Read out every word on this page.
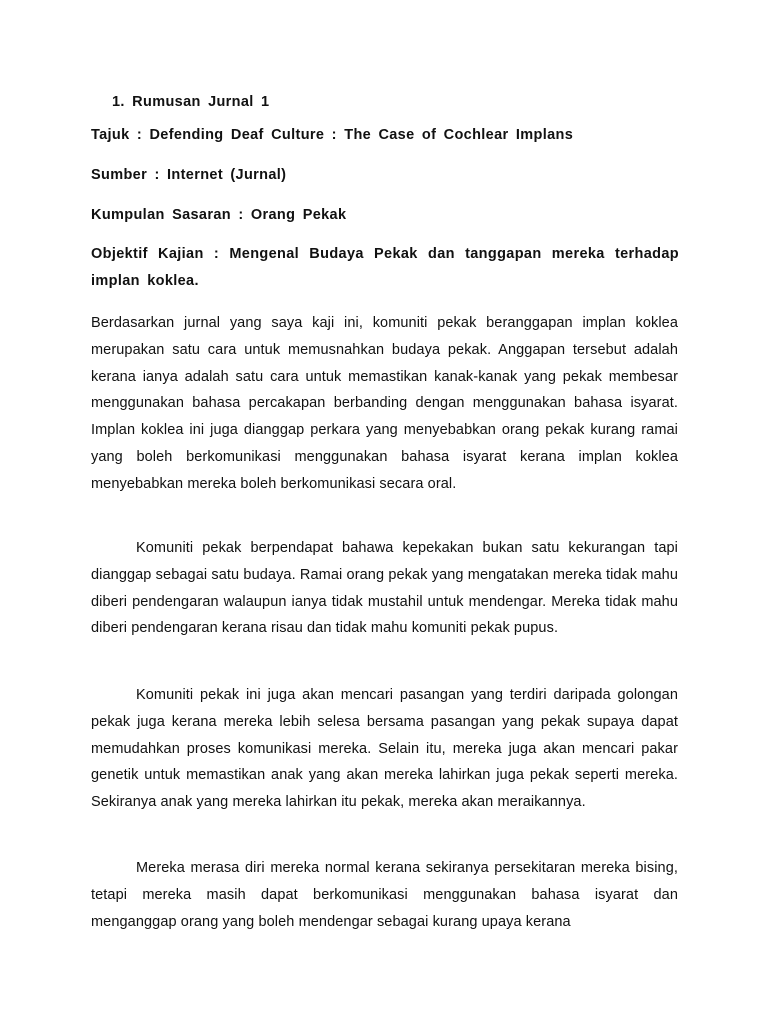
1. Rumusan Jurnal 1
Tajuk : Defending Deaf Culture : The Case of Cochlear Implans
Sumber : Internet (Jurnal)
Kumpulan Sasaran : Orang Pekak
Objektif Kajian : Mengenal Budaya Pekak dan tanggapan mereka terhadap implan koklea.

Berdasarkan jurnal yang saya kaji ini, komuniti pekak beranggapan implan koklea merupakan satu cara untuk memusnahkan budaya pekak. Anggapan tersebut adalah kerana ianya adalah satu cara untuk memastikan kanak-kanak yang pekak membesar menggunakan bahasa percakapan berbanding dengan menggunakan bahasa isyarat. Implan koklea ini juga dianggap perkara yang menyebabkan orang pekak kurang ramai yang boleh berkomunikasi menggunakan bahasa isyarat kerana implan koklea menyebabkan mereka boleh berkomunikasi secara oral.

Komuniti pekak berpendapat bahawa kepekakan bukan satu kekurangan tapi dianggap sebagai satu budaya. Ramai orang pekak yang mengatakan mereka tidak mahu diberi pendengaran walaupun ianya tidak mustahil untuk mendengar. Mereka tidak mahu diberi pendengaran kerana risau dan tidak mahu komuniti pekak pupus.

Komuniti pekak ini juga akan mencari pasangan yang terdiri daripada golongan pekak juga kerana mereka lebih selesa bersama pasangan yang pekak supaya dapat memudahkan proses komunikasi mereka. Selain itu, mereka juga akan mencari pakar genetik untuk memastikan anak yang akan mereka lahirkan juga pekak seperti mereka. Sekiranya anak yang mereka lahirkan itu pekak, mereka akan meraikannya.

Mereka merasa diri mereka normal kerana sekiranya persekitaran mereka bising, tetapi mereka masih dapat berkomunikasi menggunakan bahasa isyarat dan menganggap orang yang boleh mendengar sebagai kurang upaya kerana
